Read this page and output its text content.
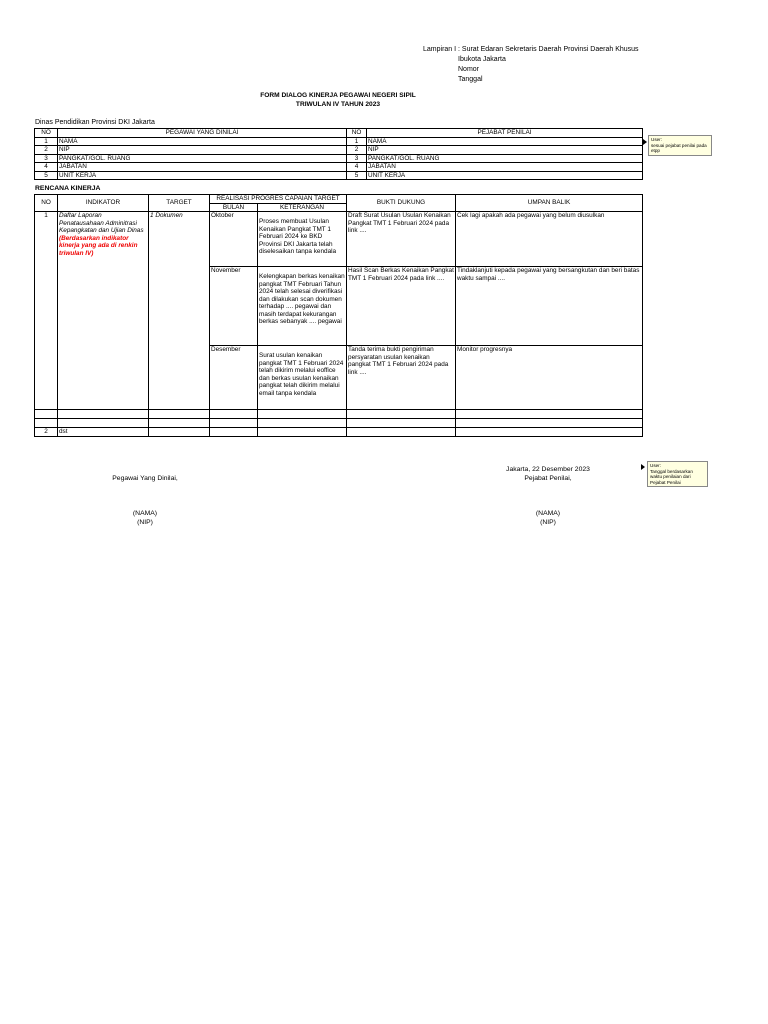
Lampiran I : Surat Edaran Sekretaris Daerah Provinsi Daerah Khusus
Ibukota Jakarta
Nomor
Tanggal
FORM DIALOG KINERJA PEGAWAI NEGERI SIPIL
TRIWULAN IV TAHUN 2023
Dinas Pendidikan Provinsi DKI Jakarta
NO	PEGAWAI YANG DINILAI	NO	PEJABAT PENILAI
1	NAMA	1	NAMA
2	NIP	2	NIP
3	PANGKAT/GOL. RUANG	3	PANGKAT/GOL. RUANG
4	JABATAN	4	JABATAN
5	UNIT KERJA	5	UNIT KERJA
RENCANA KINERJA
NO	INDIKATOR	TARGET	REALISASI PROGRES CAPAIAN TARGET		BUKTI DUKUNG	UMPAN BALIK
			BULAN	KETERANGAN		
1	Daftar Laporan Penatausahaan Adminitrasi Kepangkatan dan Ujian Dinas (Berdasarkan indikator kinerja yang ada di renkin triwulan IV)	1 Dokumen	Oktober	Proses membuat Usulan Kenaikan Pangkat TMT 1 Februari 2024 ke BKD Provinsi DKI Jakarta telah diselesaikan tanpa kendala	Draft Surat Usulan Usulan Kenaikan Pangkat TMT 1 Februari 2024 pada link ....	Cek lagi apakah ada pegawai yang belum diusulkan
			November	Kelengkapan berkas kenaikan pangkat TMT Februari Tahun 2024 telah selesai diverifikasi dan dilakukan scan dokumen terhadap .... pegawai dan masih terdapat kekurangan berkas sebanyak .... pegawai	Hasil Scan Berkas Kenaikan Pangkat TMT 1 Februari 2024 pada link ....	Tindaklanjuti kepada pegawai yang bersangkutan dan beri batas waktu sampai ....
			Desember	Surat usulan kenaikan pangkat TMT 1 Februari 2024 telah dikirim melalui eoffice dan berkas usulan kenaikan pangkat telah dikirim melalui email tanpa kendala	Tanda terima bukti pengiriman persyaratan usulan kenaikan pangkat TMT 1 Februari 2024 pada link ....	Monitor progresnya

2	dst					
User:
sesuai pejabat penilai pada etpp
User:
Tanggal berdasarkan waktu penilaian dari Pejabat Penilai
Pegawai Yang Dinilai,
(NAMA)
(NIP)
Jakarta, 22 Desember 2023
Pejabat Penilai,
(NAMA)
(NIP)
